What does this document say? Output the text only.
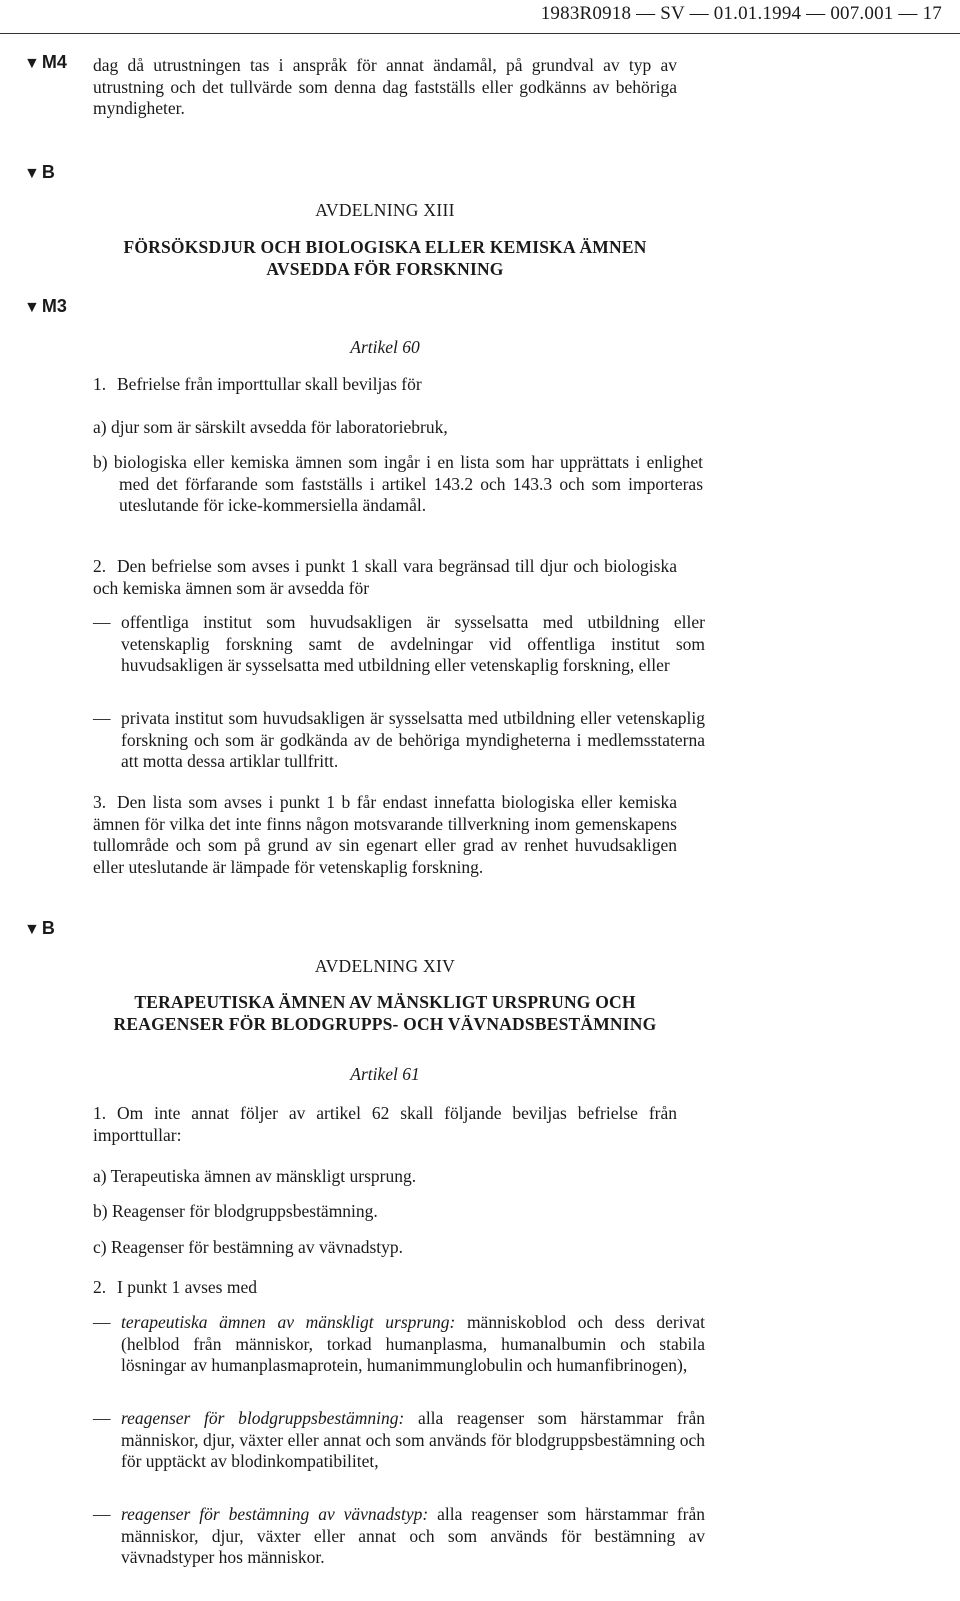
1983R0918 — SV — 01.01.1994 — 007.001 — 17
▼ M4
▼ B
▼ M3
▼ B

dag då utrustningen tas i anspråk för annat ändamål, på grundval av typ av utrustning och det tullvärde som denna dag fastställs eller godkänns av behöriga myndigheter.

AVDELNING XIII

FÖRSÖKSDJUR OCH BIOLOGISKA ELLER KEMISKA ÄMNEN AVSEDDA FÖR FORSKNING

Artikel 60

1. Befrielse från importtullar skall beviljas för

a) djur som är särskilt avsedda för laboratoriebruk,

b) biologiska eller kemiska ämnen som ingår i en lista som har upprättats i enlighet med det förfarande som fastställs i artikel 143.2 och 143.3 och som importeras uteslutande för icke-kommersiella ändamål.

2. Den befrielse som avses i punkt 1 skall vara begränsad till djur och biologiska och kemiska ämnen som är avsedda för

— offentliga institut som huvudsakligen är sysselsatta med utbildning eller vetenskaplig forskning samt de avdelningar vid offentliga institut som huvudsakligen är sysselsatta med utbildning eller vetenskaplig forskning, eller

— privata institut som huvudsakligen är sysselsatta med utbildning eller vetenskaplig forskning och som är godkända av de behöriga myndigheterna i medlemsstaterna att motta dessa artiklar tullfritt.

3. Den lista som avses i punkt 1 b får endast innefatta biologiska eller kemiska ämnen för vilka det inte finns någon motsvarande tillverkning inom gemenskapens tullområde och som på grund av sin egenart eller grad av renhet huvudsakligen eller uteslutande är lämpade för vetenskaplig forskning.

AVDELNING XIV

TERAPEUTISKA ÄMNEN AV MÄNSKLIGT URSPRUNG OCH REAGENSER FÖR BLODGRUPPS- OCH VÄVNADSBESTÄMNING

Artikel 61

1. Om inte annat följer av artikel 62 skall följande beviljas befrielse från importtullar:

a) Terapeutiska ämnen av mänskligt ursprung.

b) Reagenser för blodgruppsbestämning.

c) Reagenser för bestämning av vävnadstyp.

2. I punkt 1 avses med

— terapeutiska ämnen av mänskligt ursprung: människoblod och dess derivat (helblod från människor, torkad humanplasma, humanalbumin och stabila lösningar av humanplasmaprotein, humanimmunglobulin och humanfibrinogen),

— reagenser för blodgruppsbestämning: alla reagenser som härstammar från människor, djur, växter eller annat och som används för blodgruppsbestämning och för upptäckt av blodinkompatibilitet,

— reagenser för bestämning av vävnadstyp: alla reagenser som härstammar från människor, djur, växter eller annat och som används för bestämning av vävnadstyper hos människor.
